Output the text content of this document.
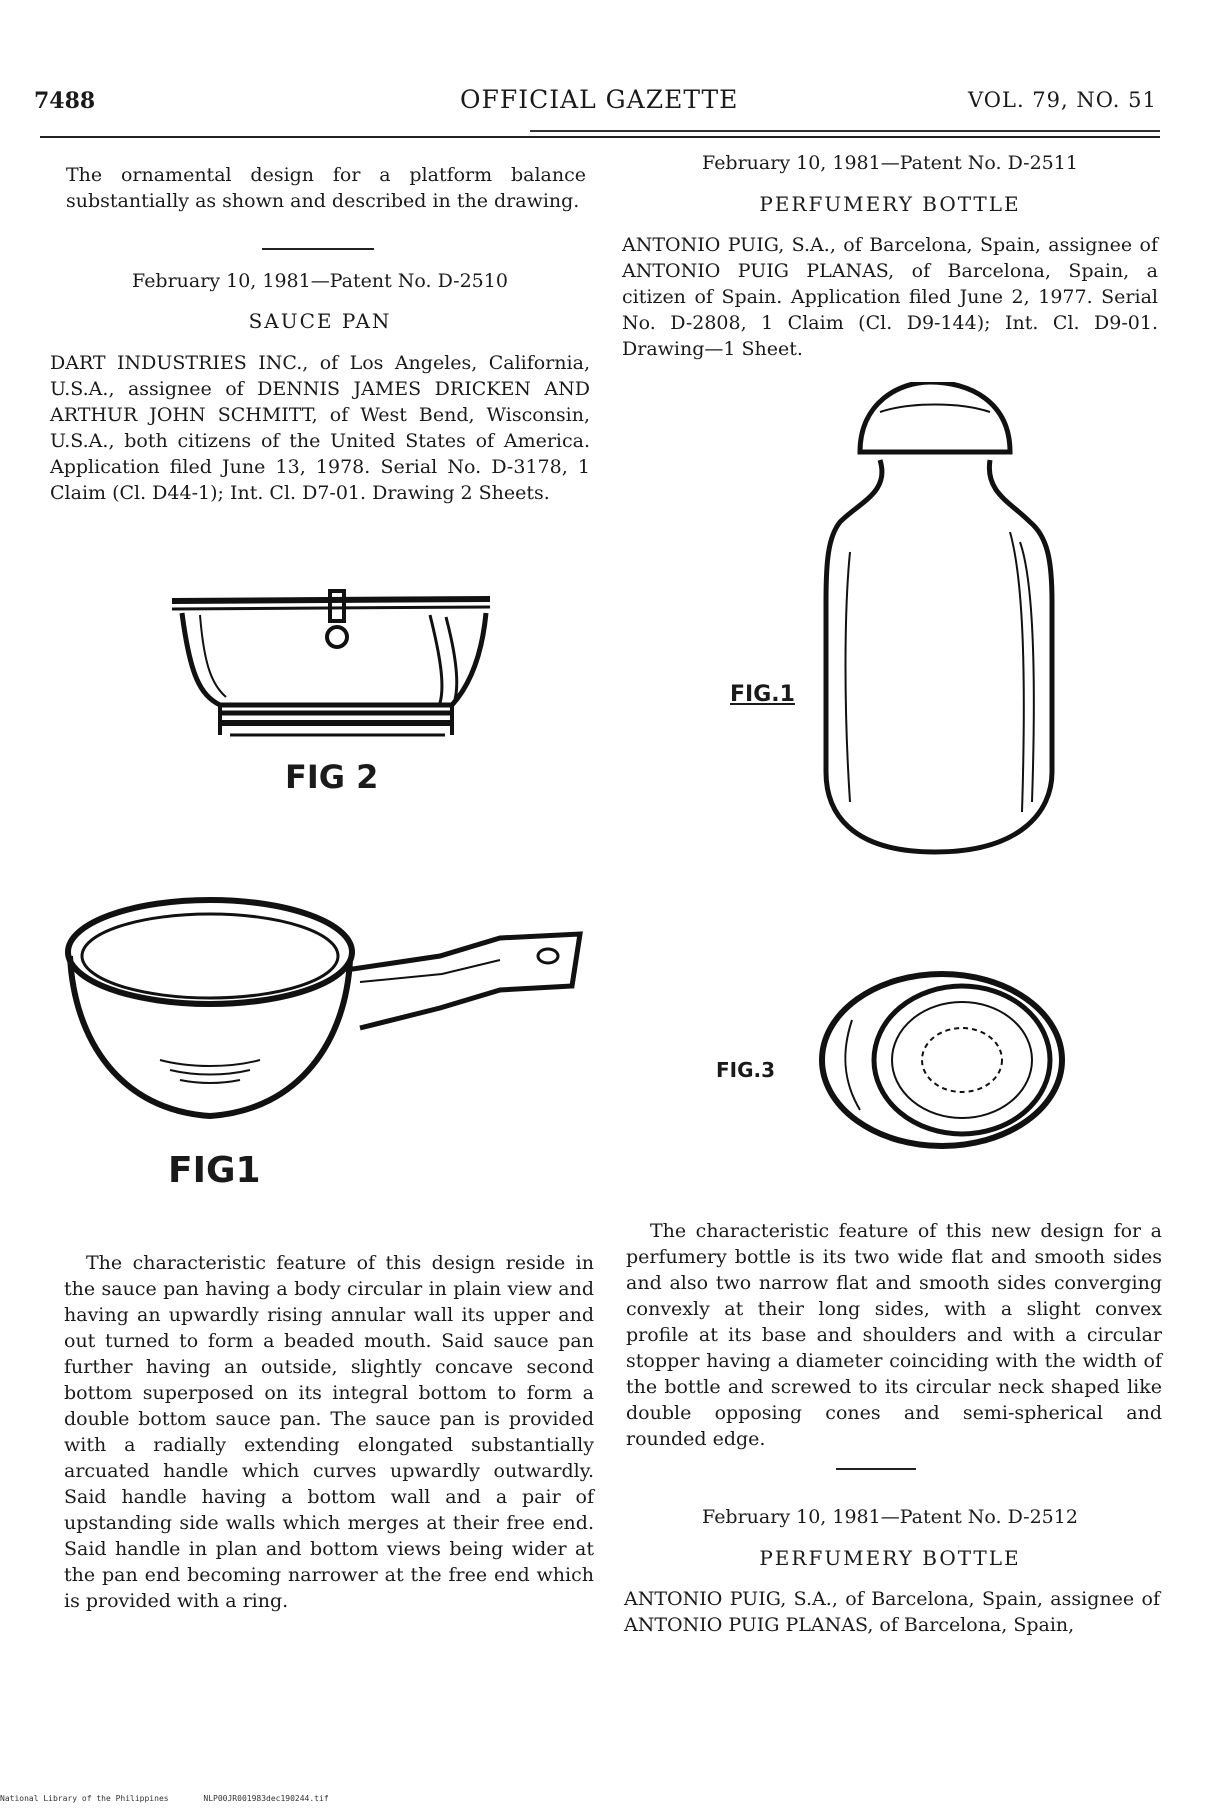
7488	OFFICIAL GAZETTE	VOL. 79, NO. 51
The ornamental design for a platform balance substantially as shown and described in the drawing.
February 10, 1981—Patent No. D-2510
SAUCE PAN
DART INDUSTRIES INC., of Los Angeles, California, U.S.A., assignee of DENNIS JAMES DRICKEN AND ARTHUR JOHN SCHMITT, of West Bend, Wisconsin, U.S.A., both citizens of the United States of America. Application filed June 13, 1978. Serial No. D-3178, 1 Claim (Cl. D44-1); Int. Cl. D7-01. Drawing 2 Sheets.
FIG 2
FIG1
The characteristic feature of this design reside in the sauce pan having a body circular in plain view and having an upwardly rising annular wall its upper and out turned to form a beaded mouth. Said sauce pan further having an outside, slightly concave second bottom superposed on its integral bottom to form a double bottom sauce pan. The sauce pan is provided with a radially extending elongated substantially arcuated handle which curves upwardly outwardly. Said handle having a bottom wall and a pair of upstanding side walls which merges at their free end. Said handle in plan and bottom views being wider at the pan end becoming narrower at the free end which is provided with a ring.
February 10, 1981—Patent No. D-2511
PERFUMERY BOTTLE
ANTONIO PUIG, S.A., of Barcelona, Spain, assignee of ANTONIO PUIG PLANAS, of Barcelona, Spain, a citizen of Spain. Application filed June 2, 1977. Serial No. D-2808, 1 Claim (Cl. D9-144); Int. Cl. D9-01. Drawing—1 Sheet.
FIG.1
FIG.3
The characteristic feature of this new design for a perfumery bottle is its two wide flat and smooth sides and also two narrow flat and smooth sides converging convexly at their long sides, with a slight convex profile at its base and shoulders and with a circular stopper having a diameter coinciding with the width of the bottle and screwed to its circular neck shaped like double opposing cones and semi-spherical and rounded edge.
February 10, 1981—Patent No. D-2512
PERFUMERY BOTTLE
ANTONIO PUIG, S.A., of Barcelona, Spain, assignee of ANTONIO PUIG PLANAS, of Barcelona, Spain,
National Library of the Philippines	NLP00JR001983dec190244.tif
